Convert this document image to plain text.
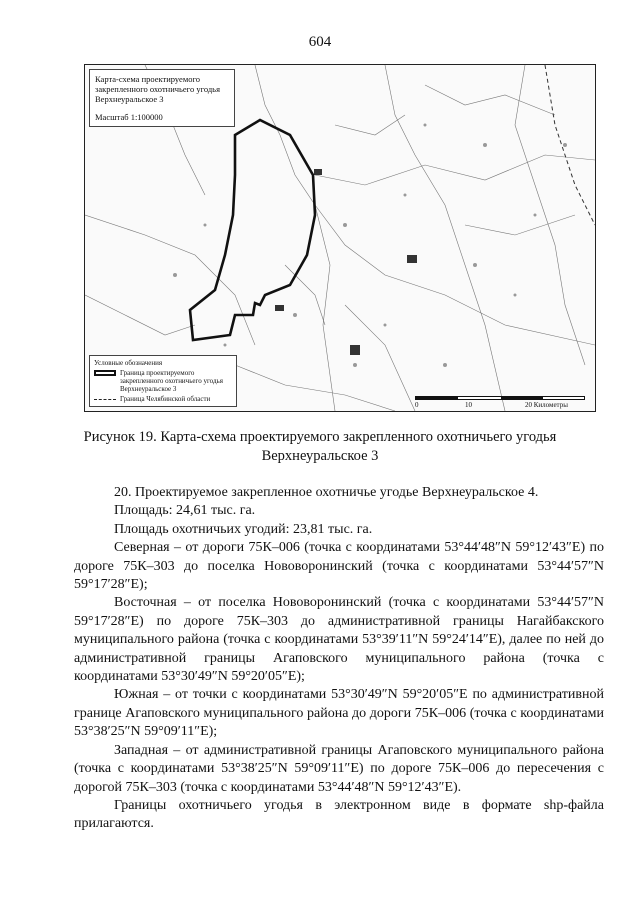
604
Карта-схема проектируемого
закрепленного охотничьего угодья
Верхнеуральское 3
Масштаб 1:100000
Условные обозначения
Граница проектируемого закрепленного охотничьего угодья Верхнеуральское 3
Граница Челябинской области
0	10	20 Километры
Рисунок 19. Карта-схема проектируемого закрепленного охотничьего угодья
Верхнеуральское 3

20. Проектируемое закрепленное охотничье угодье Верхнеуральское 4.

Площадь: 24,61 тыс. га.

Площадь охотничьих угодий: 23,81 тыс. га.

Северная – от дороги 75К–006 (точка с координатами 53°44′48″N 59°12′43″E) по дороге 75К–303 до поселка Нововоронинский (точка с координатами 53°44′57″N 59°17′28″E);

Восточная – от поселка Нововоронинский (точка с координатами 53°44′57″N 59°17′28″E) по дороге 75К–303 до административной границы Нагайбакского муниципального района (точка с координатами 53°39′11″N 59°24′14″E), далее по ней до административной границы Агаповского муниципального района (точка с координатами 53°30′49″N 59°20′05″E);

Южная – от точки с координатами 53°30′49″N 59°20′05″E по административной границе Агаповского муниципального района до дороги 75К–006 (точка с координатами 53°38′25″N 59°09′11″E);

Западная – от административной границы Агаповского муниципального района (точка с координатами 53°38′25″N 59°09′11″E) по дороге 75К–006 до пересечения с дорогой 75К–303 (точка с координатами 53°44′48″N 59°12′43″E).

Границы охотничьего угодья в электронном виде в формате shp-файла прилагаются.
